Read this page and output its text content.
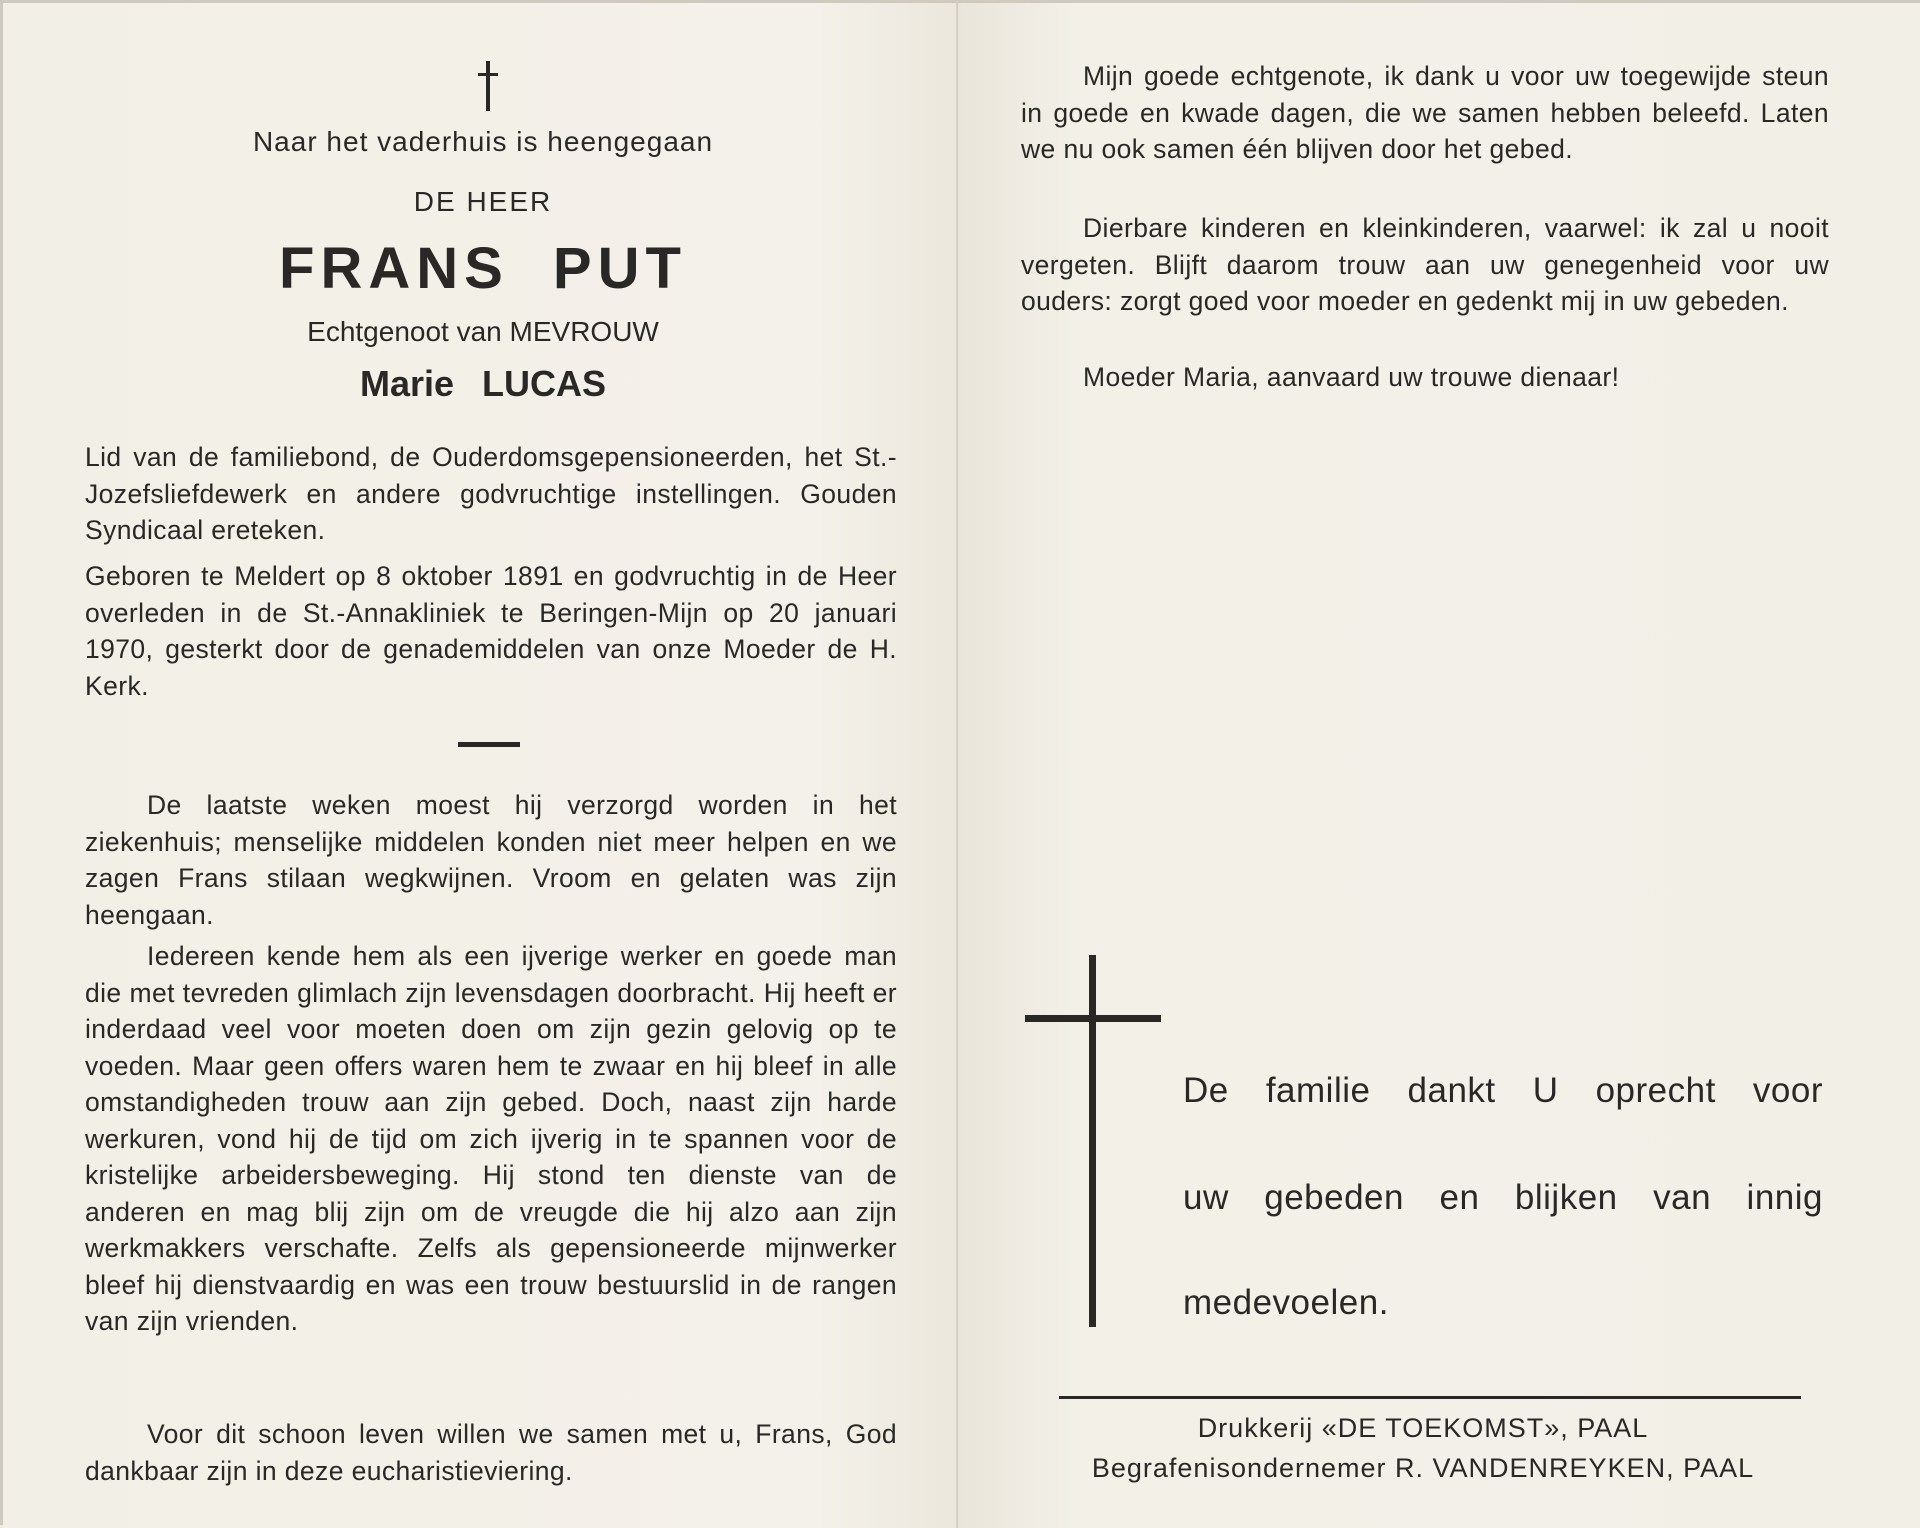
Naar het vaderhuis is heengegaan
DE HEER
FRANS PUT
Echtgenoot van MEVROUW
Marie LUCAS
Lid van de familiebond, de Ouderdomsgepensioneerden, het St.-Jozefsliefdewerk en andere godvruchtige instellingen. Gouden Syndicaal ereteken.
Geboren te Meldert op 8 oktober 1891 en godvruchtig in de Heer overleden in de St.-Annakliniek te Beringen-Mijn op 20 januari 1970, gesterkt door de genademiddelen van onze Moeder de H. Kerk.
De laatste weken moest hij verzorgd worden in het ziekenhuis; menselijke middelen konden niet meer helpen en we zagen Frans stilaan wegkwijnen. Vroom en gelaten was zijn heengaan.
Iedereen kende hem als een ijverige werker en goede man die met tevreden glimlach zijn levensdagen doorbracht. Hij heeft er inderdaad veel voor moeten doen om zijn gezin gelovig op te voeden. Maar geen offers waren hem te zwaar en hij bleef in alle omstandigheden trouw aan zijn gebed. Doch, naast zijn harde werkuren, vond hij de tijd om zich ijverig in te spannen voor de kristelijke arbeidersbeweging. Hij stond ten dienste van de anderen en mag blij zijn om de vreugde die hij alzo aan zijn werkmakkers verschafte. Zelfs als gepensioneerde mijnwerker bleef hij dienstvaardig en was een trouw bestuurslid in de rangen van zijn vrienden.
Voor dit schoon leven willen we samen met u, Frans, God dankbaar zijn in deze eucharistieviering.
Mijn goede echtgenote, ik dank u voor uw toegewijde steun in goede en kwade dagen, die we samen hebben beleefd. Laten we nu ook samen één blijven door het gebed.
Dierbare kinderen en kleinkinderen, vaarwel: ik zal u nooit vergeten. Blijft daarom trouw aan uw genegenheid voor uw ouders: zorgt goed voor moeder en gedenkt mij in uw gebeden.
Moeder Maria, aanvaard uw trouwe dienaar!
De familie dankt U oprecht voor
uw gebeden en blijken van innig
medevoelen.
Drukkerij «DE TOEKOMST», PAAL
Begrafenisondernemer R. VANDENREYKEN, PAAL
